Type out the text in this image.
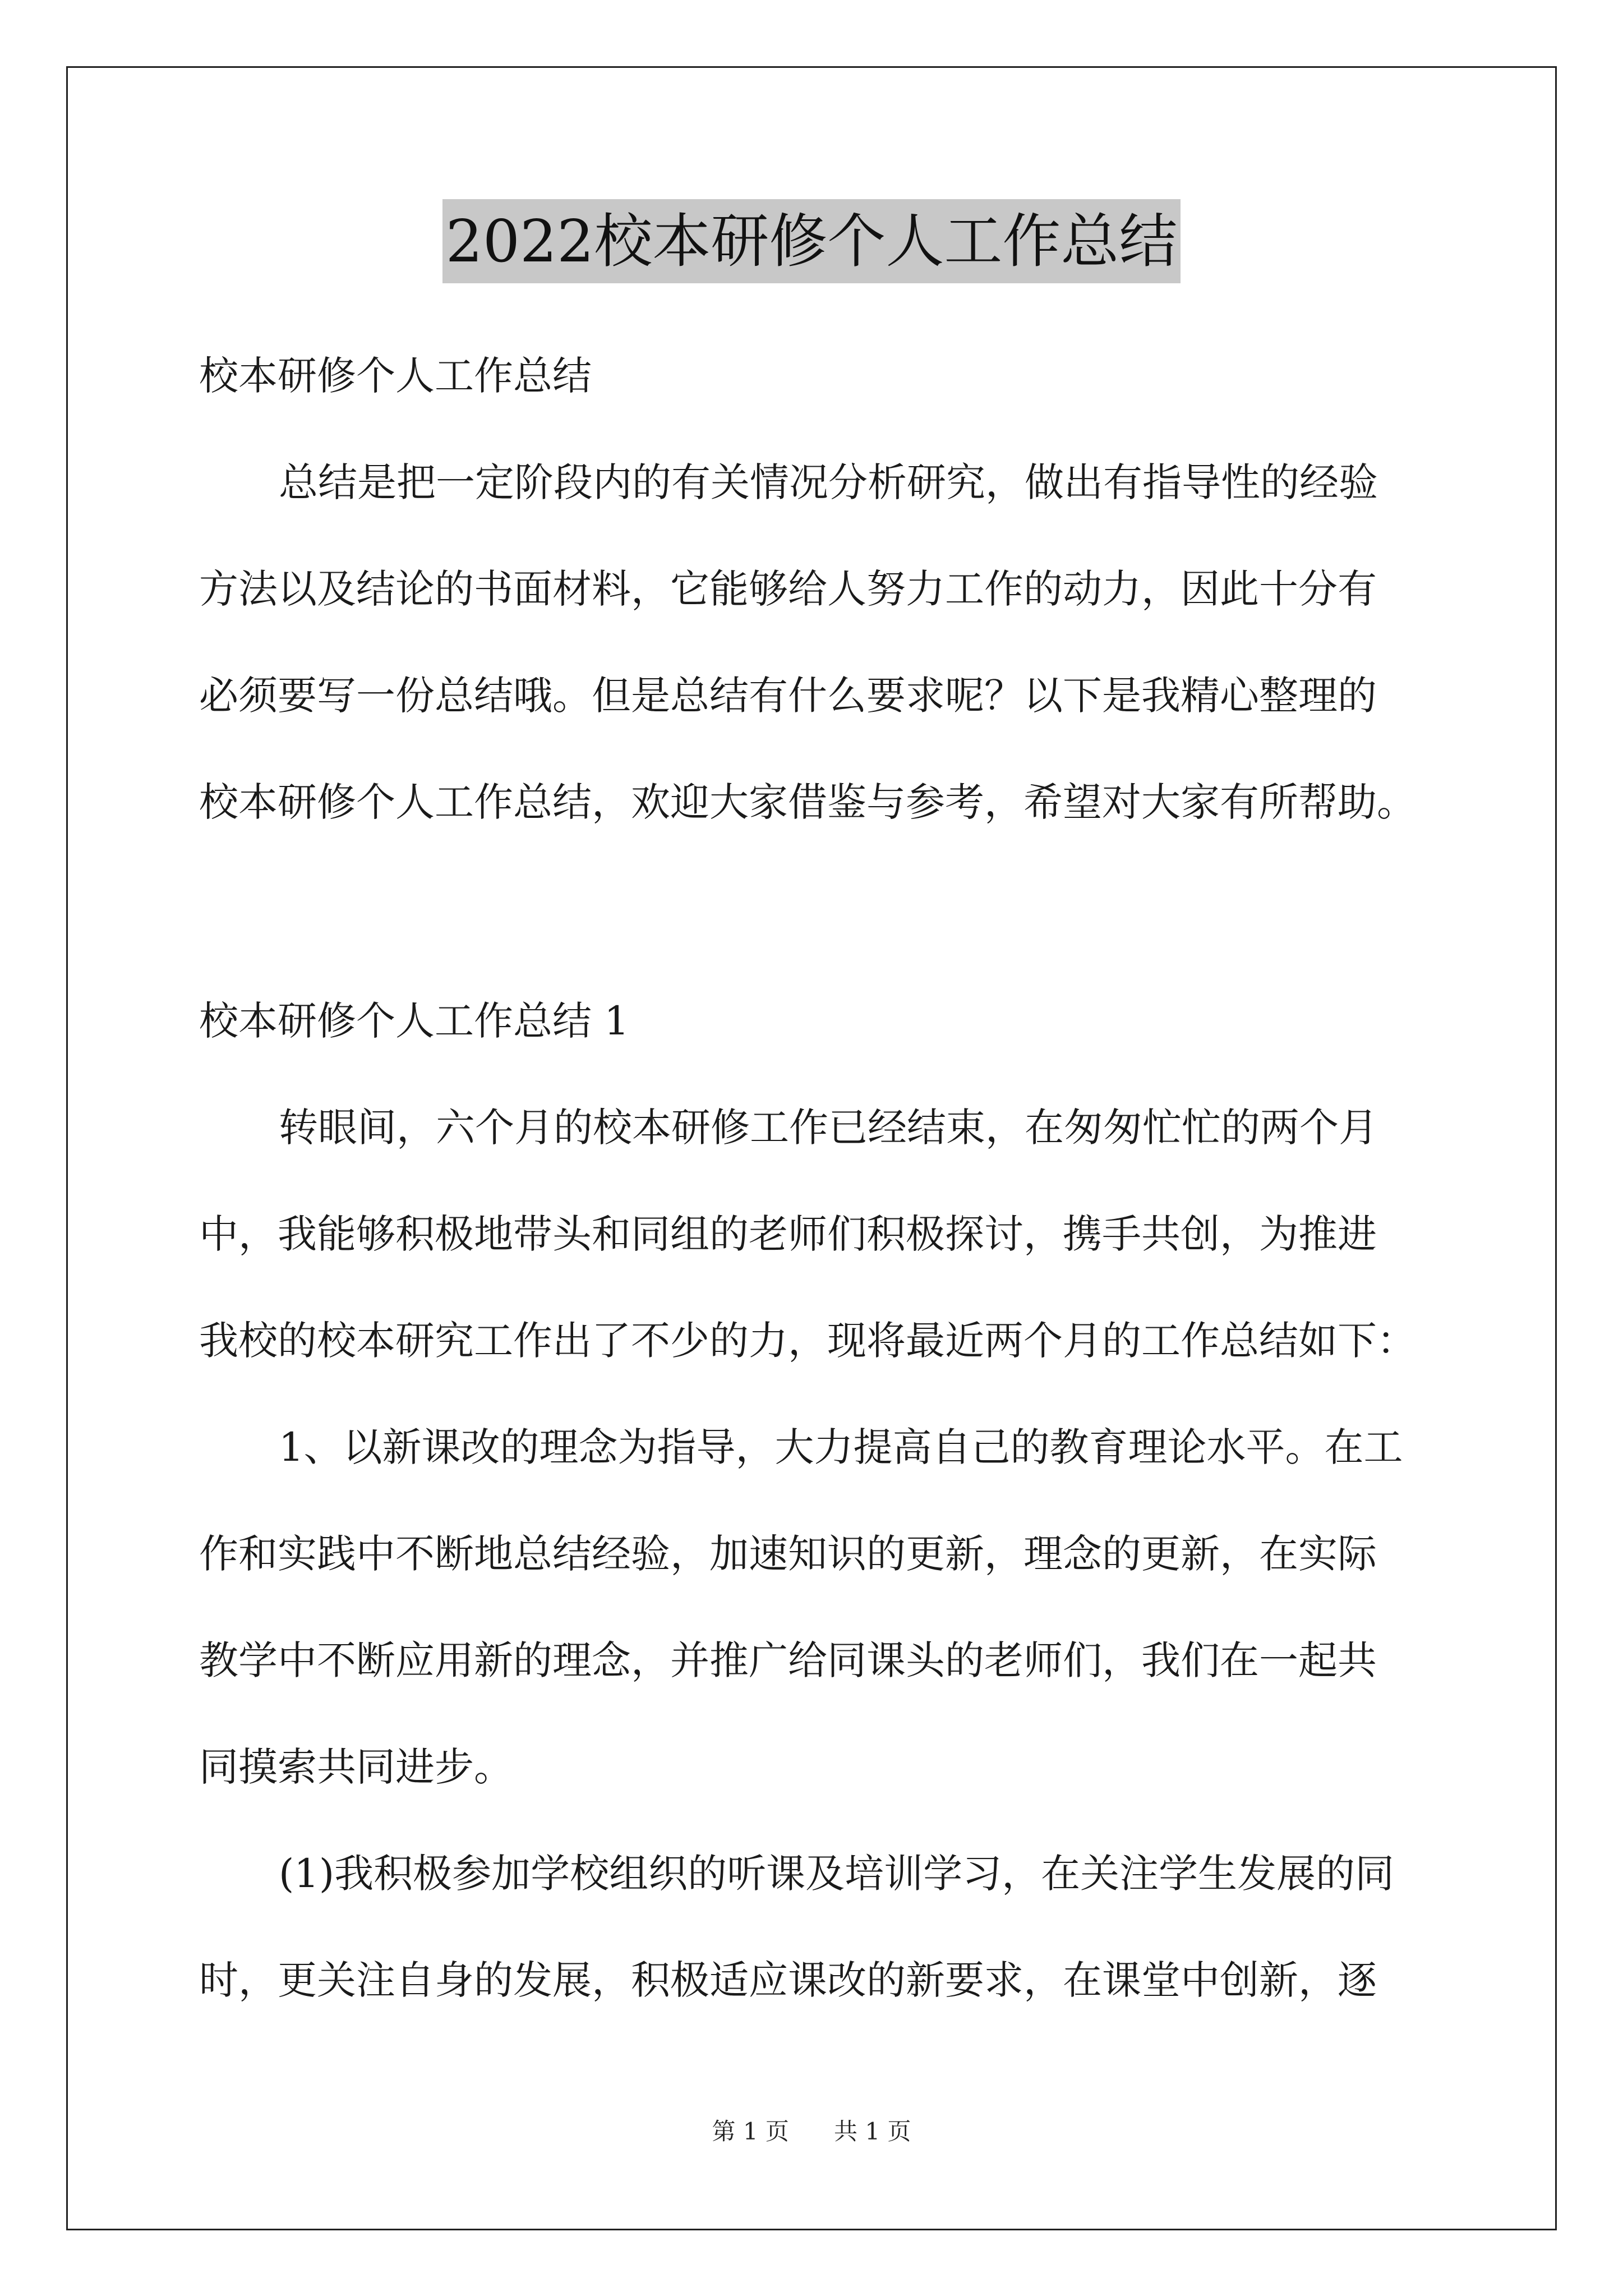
2022校本研修个人工作总结
校本研修个人工作总结
总结是把一定阶段内的有关情况分析研究，做出有指导性的经验
方法以及结论的书面材料，它能够给人努力工作的动力，因此十分有
必须要写一份总结哦。但是总结有什么要求呢？以下是我精心整理的
校本研修个人工作总结，欢迎大家借鉴与参考，希望对大家有所帮助。
校本研修个人工作总结 1
转眼间，六个月的校本研修工作已经结束，在匆匆忙忙的两个月
中，我能够积极地带头和同组的老师们积极探讨，携手共创，为推进
我校的校本研究工作出了不少的力，现将最近两个月的工作总结如下：
1、以新课改的理念为指导，大力提高自己的教育理论水平。在工
作和实践中不断地总结经验，加速知识的更新，理念的更新，在实际
教学中不断应用新的理念，并推广给同课头的老师们，我们在一起共
同摸索共同进步。
(1)我积极参加学校组织的听课及培训学习，在关注学生发展的同
时，更关注自身的发展，积极适应课改的新要求，在课堂中创新，逐
第 1 页 共 1 页
